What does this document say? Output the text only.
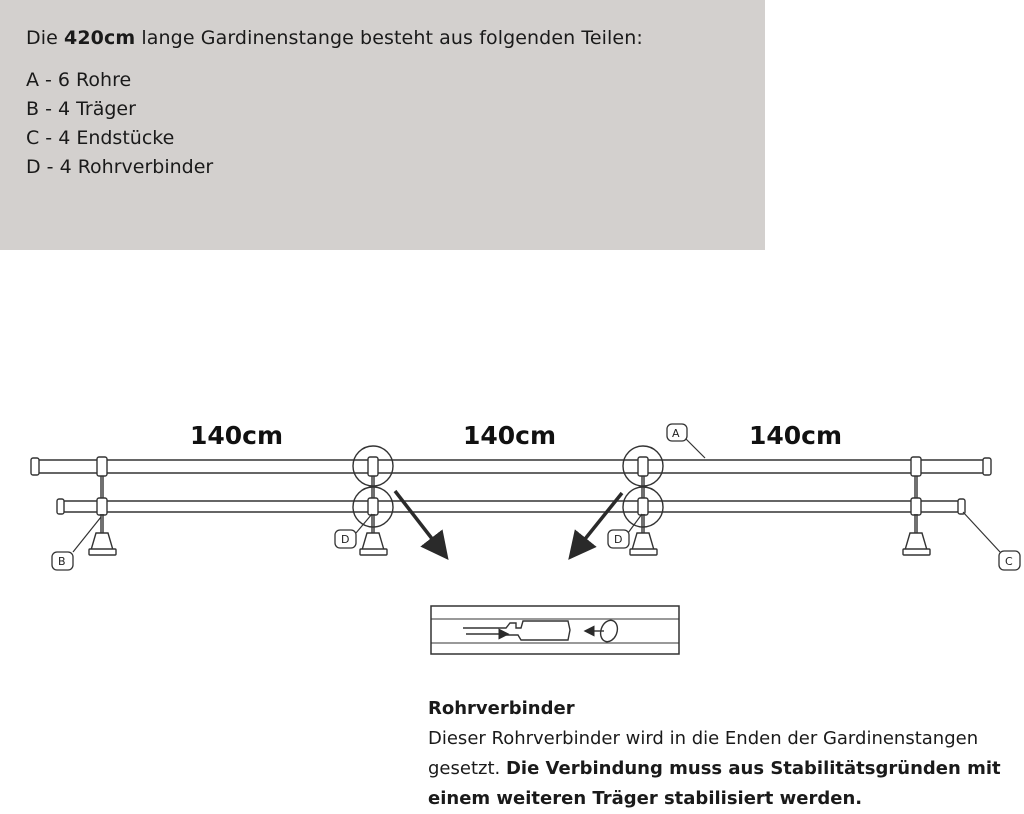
Die 420cm lange Gardinenstange besteht aus folgenden Teilen:
A - 6 Rohre
B - 4 Träger
C - 4 Endstücke
D - 4 Rohrverbinder
140cm	140cm	140cm
A
B	C
D	D
Rohrverbinder
Dieser Rohrverbinder wird in die Enden der Gardinenstangen gesetzt. Die Verbindung muss aus Stabilitätsgründen mit einem weiteren Träger stabilisiert werden.
